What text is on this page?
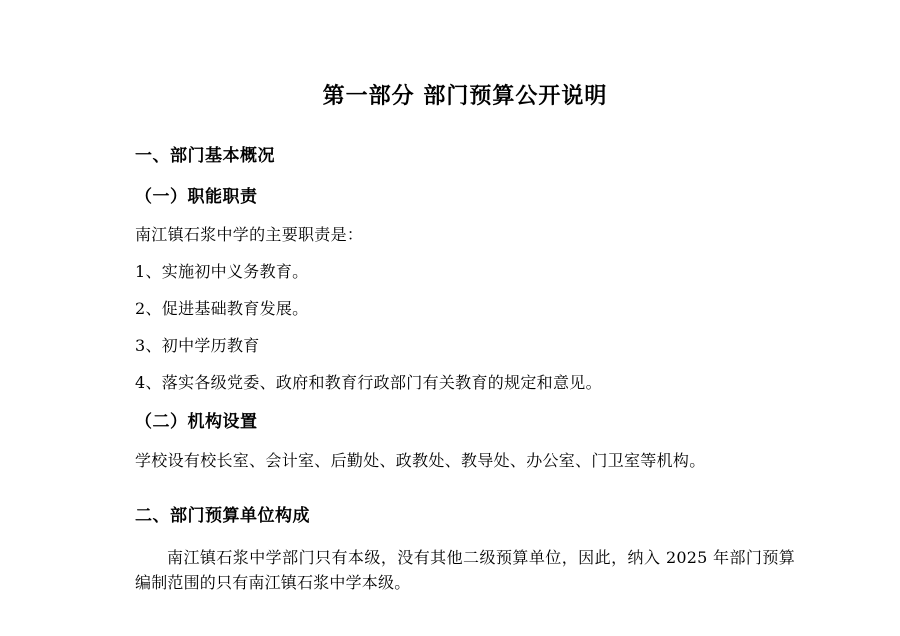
第一部分 部门预算公开说明
一、部门基本概况
（一）职能职责
南江镇石浆中学的主要职责是：
1、实施初中义务教育。
2、促进基础教育发展。
3、初中学历教育
4、落实各级党委、政府和教育行政部门有关教育的规定和意见。
（二）机构设置
学校设有校长室、会计室、后勤处、政教处、教导处、办公室、门卫室等机构。
二、部门预算单位构成
南江镇石浆中学部门只有本级，没有其他二级预算单位，因此，纳入 2025 年部门预算编制范围的只有南江镇石浆中学本级。
